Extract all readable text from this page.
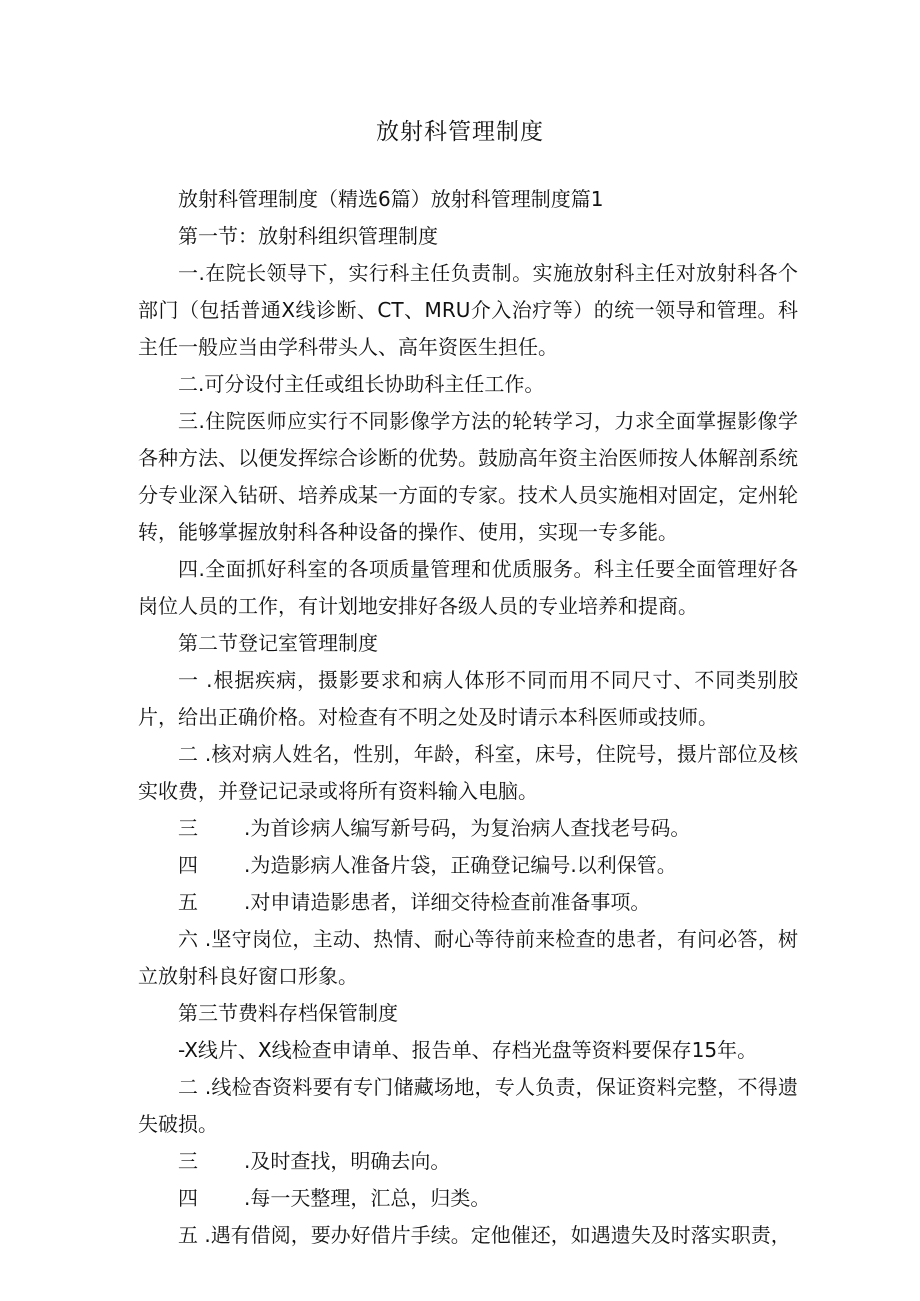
放射科管理制度

放射科管理制度（精选6篇）放射科管理制度篇1

第一节：放射科组织管理制度

一.在院长领导下，实行科主任负责制。实施放射科主任对放射科各个部门（包括普通X线诊断、CT、MRU介入治疗等）的统一领导和管理。科主任一般应当由学科带头人、高年资医生担任。

二.可分设付主任或组长协助科主任工作。

三.住院医师应实行不同影像学方法的轮转学习，力求全面掌握影像学各种方法、以便发挥综合诊断的优势。鼓励高年资主治医师按人体解剖系统分专业深入钻研、培养成某一方面的专家。技术人员实施相对固定，定州轮转，能够掌握放射科各种设备的操作、使用，实现一专多能。

四.全面抓好科室的各项质量管理和优质服务。科主任要全面管理好各岗位人员的工作，有计划地安排好各级人员的专业培养和提商。

第二节登记室管理制度

一 .根据疾病，摄影要求和病人体形不同而用不同尺寸、不同类别胶片，给出正确价格。对检查有不明之处及时请示本科医师或技师。

二 .核对病人姓名，性别，年龄，科室，床号，住院号，摄片部位及核实收费，并登记记录或将所有资料输入电脑。

三 .为首诊病人编写新号码，为复治病人查找老号码。
四 .为造影病人准备片袋，正确登记编号.以利保管。
五 .对申请造影患者，详细交待检查前准备事项。

六 .坚守岗位，主动、热情、耐心等待前来检查的患者，有问必答，树立放射科良好窗口形象。

第三节费料存档保管制度

-X线片、X线检查申请单、报告单、存档光盘等资料要保存15年。

二 .线检杳资料要有专门储藏场地，专人负责，保证资料完整，不得遗失破损。

三 .及时查找，明确去向。
四 .每一天整理，汇总，归类。

五 .遇有借阅，要办好借片手续。定他催还，如遇遗失及时落实职责，
